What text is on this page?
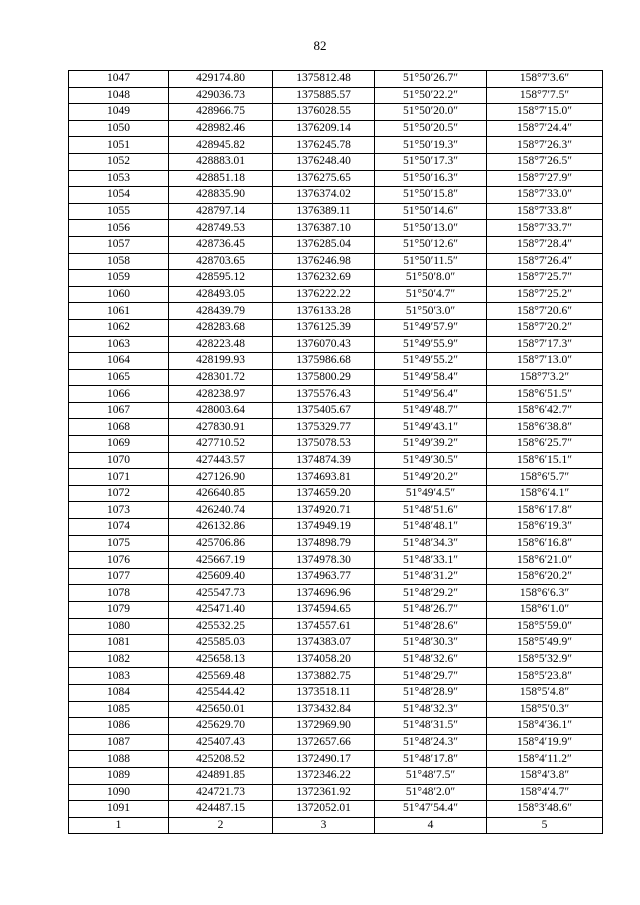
82
1047	429174.80	1375812.48	51°50′26.7″	158°7′3.6″
1048	429036.73	1375885.57	51°50′22.2″	158°7′7.5″
1049	428966.75	1376028.55	51°50′20.0″	158°7′15.0″
1050	428982.46	1376209.14	51°50′20.5″	158°7′24.4″
1051	428945.82	1376245.78	51°50′19.3″	158°7′26.3″
1052	428883.01	1376248.40	51°50′17.3″	158°7′26.5″
1053	428851.18	1376275.65	51°50′16.3″	158°7′27.9″
1054	428835.90	1376374.02	51°50′15.8″	158°7′33.0″
1055	428797.14	1376389.11	51°50′14.6″	158°7′33.8″
1056	428749.53	1376387.10	51°50′13.0″	158°7′33.7″
1057	428736.45	1376285.04	51°50′12.6″	158°7′28.4″
1058	428703.65	1376246.98	51°50′11.5″	158°7′26.4″
1059	428595.12	1376232.69	51°50′8.0″	158°7′25.7″
1060	428493.05	1376222.22	51°50′4.7″	158°7′25.2″
1061	428439.79	1376133.28	51°50′3.0″	158°7′20.6″
1062	428283.68	1376125.39	51°49′57.9″	158°7′20.2″
1063	428223.48	1376070.43	51°49′55.9″	158°7′17.3″
1064	428199.93	1375986.68	51°49′55.2″	158°7′13.0″
1065	428301.72	1375800.29	51°49′58.4″	158°7′3.2″
1066	428238.97	1375576.43	51°49′56.4″	158°6′51.5″
1067	428003.64	1375405.67	51°49′48.7″	158°6′42.7″
1068	427830.91	1375329.77	51°49′43.1″	158°6′38.8″
1069	427710.52	1375078.53	51°49′39.2″	158°6′25.7″
1070	427443.57	1374874.39	51°49′30.5″	158°6′15.1″
1071	427126.90	1374693.81	51°49′20.2″	158°6′5.7″
1072	426640.85	1374659.20	51°49′4.5″	158°6′4.1″
1073	426240.74	1374920.71	51°48′51.6″	158°6′17.8″
1074	426132.86	1374949.19	51°48′48.1″	158°6′19.3″
1075	425706.86	1374898.79	51°48′34.3″	158°6′16.8″
1076	425667.19	1374978.30	51°48′33.1″	158°6′21.0″
1077	425609.40	1374963.77	51°48′31.2″	158°6′20.2″
1078	425547.73	1374696.96	51°48′29.2″	158°6′6.3″
1079	425471.40	1374594.65	51°48′26.7″	158°6′1.0″
1080	425532.25	1374557.61	51°48′28.6″	158°5′59.0″
1081	425585.03	1374383.07	51°48′30.3″	158°5′49.9″
1082	425658.13	1374058.20	51°48′32.6″	158°5′32.9″
1083	425569.48	1373882.75	51°48′29.7″	158°5′23.8″
1084	425544.42	1373518.11	51°48′28.9″	158°5′4.8″
1085	425650.01	1373432.84	51°48′32.3″	158°5′0.3″
1086	425629.70	1372969.90	51°48′31.5″	158°4′36.1″
1087	425407.43	1372657.66	51°48′24.3″	158°4′19.9″
1088	425208.52	1372490.17	51°48′17.8″	158°4′11.2″
1089	424891.85	1372346.22	51°48′7.5″	158°4′3.8″
1090	424721.73	1372361.92	51°48′2.0″	158°4′4.7″
1091	424487.15	1372052.01	51°47′54.4″	158°3′48.6″
1	2	3	4	5
